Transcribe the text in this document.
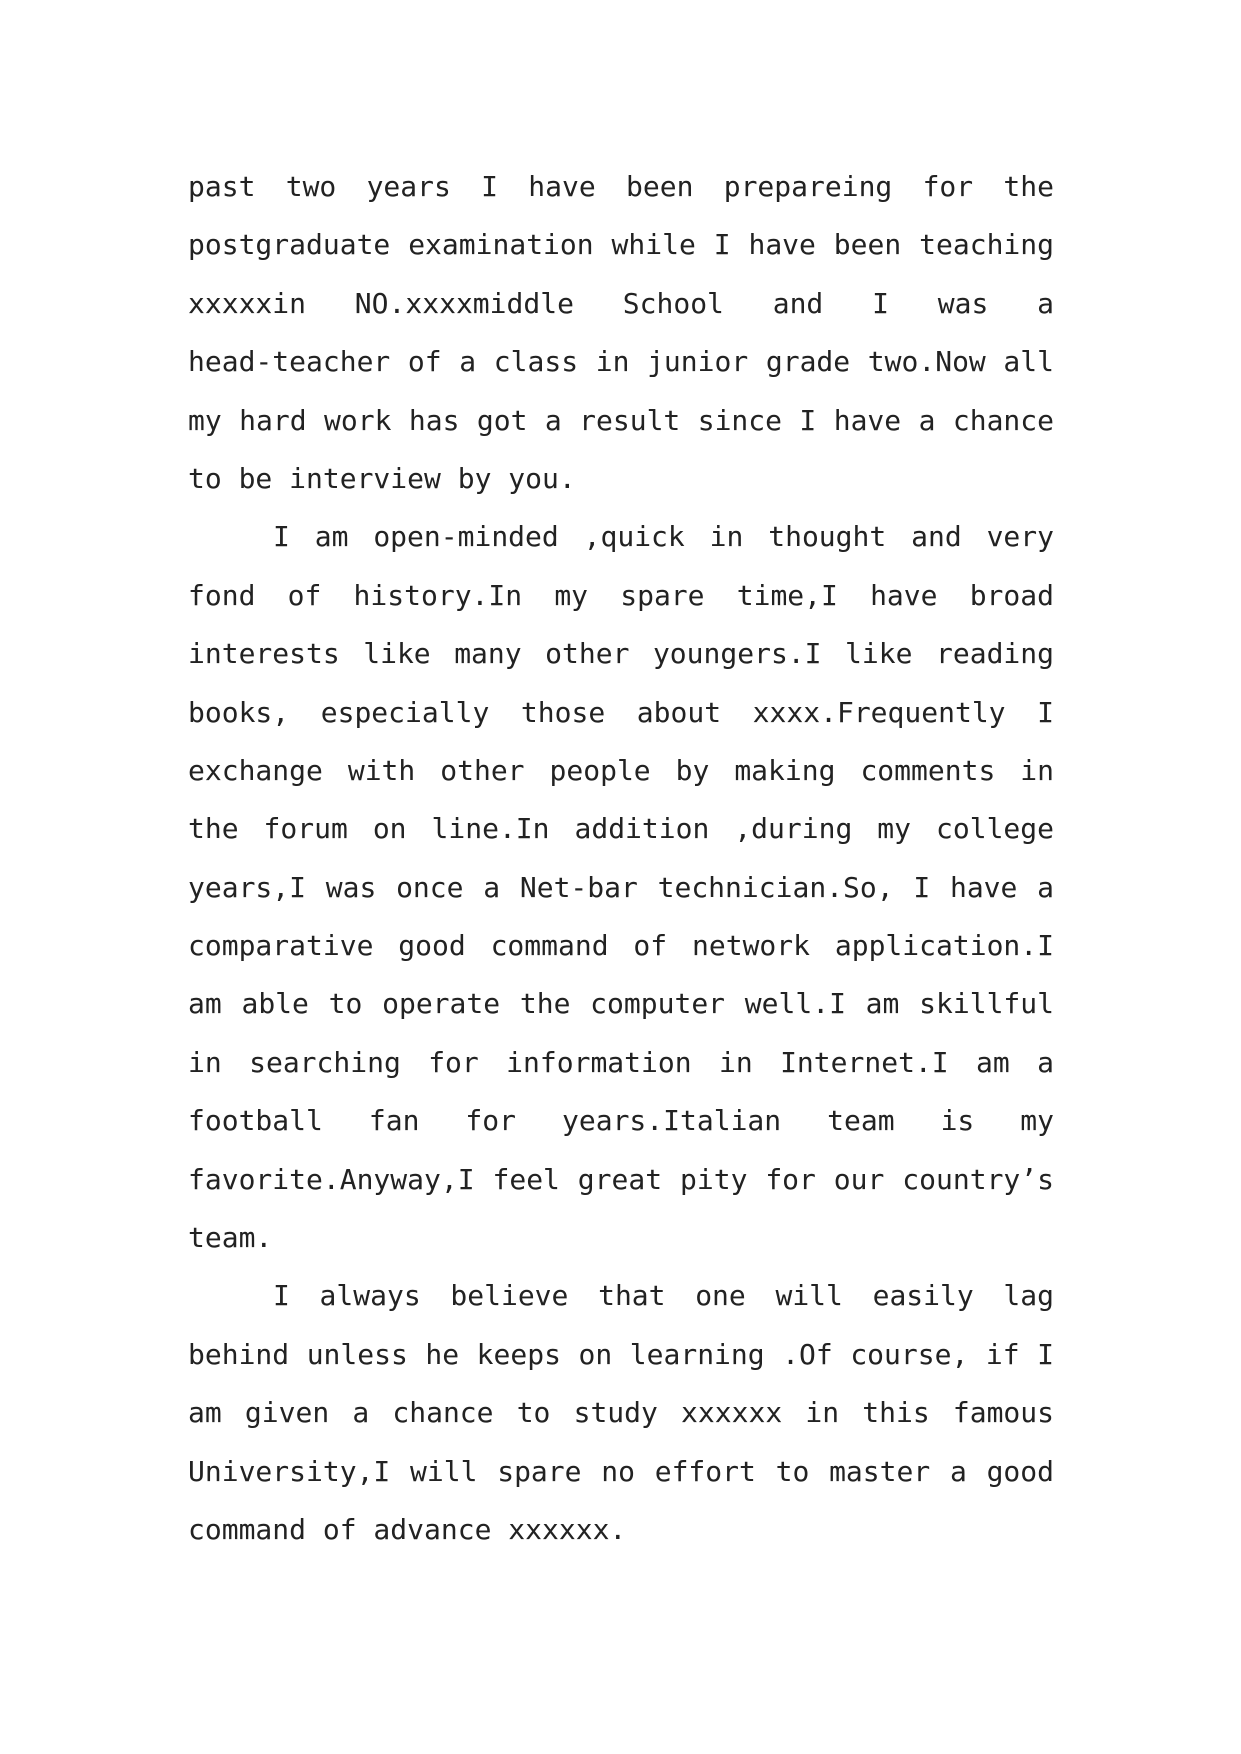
past two years I have been prepareing for the
postgraduate examination while I have been teaching
xxxxxin NO.xxxxmiddle School and I was a
head-teacher of a class in junior grade two.Now all
my hard work has got a result since I have a chance
to be interview by you.
I am open-minded ,quick in thought and very
fond of history.In my spare time,I have broad
interests like many other youngers.I like reading
books, especially those about xxxx.Frequently I
exchange with other people by making comments in
the forum on line.In addition ,during my college
years,I was once a Net-bar technician.So, I have a
comparative good command of network application.I
am able to operate the computer well.I am skillful
in searching for information in Internet.I am a
football fan for years.Italian team is my
favorite.Anyway,I feel great pity for our country’s
team.
I always believe that one will easily lag
behind unless he keeps on learning .Of course, if I
am given a chance to study xxxxxx in this famous
University,I will spare no effort to master a good
command of advance xxxxxx.
